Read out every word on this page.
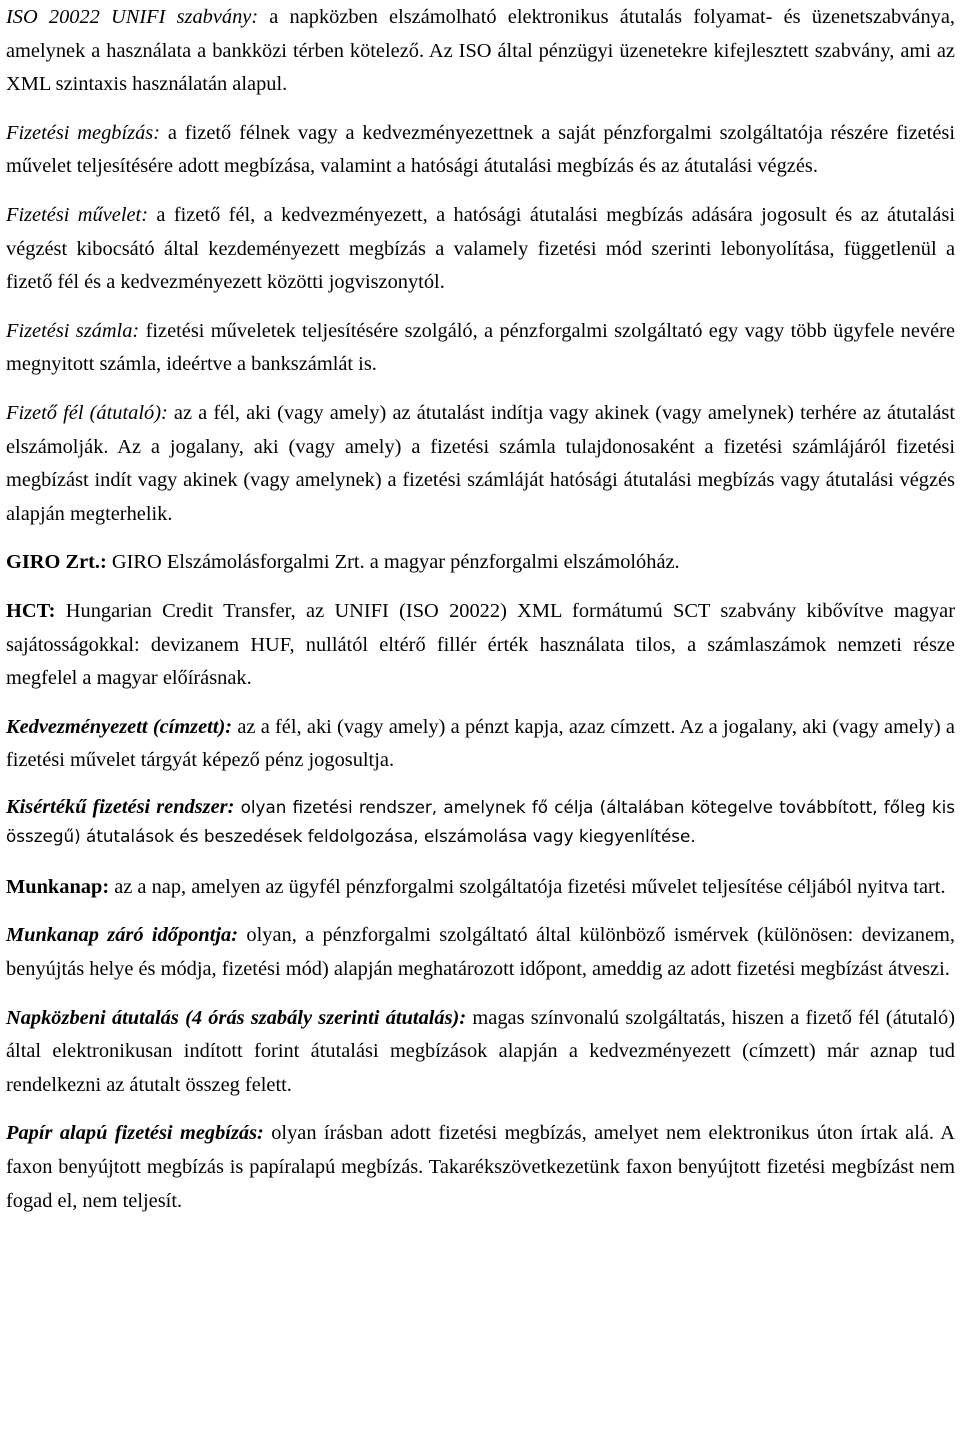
ISO 20022 UNIFI szabvány: a napközben elszámolható elektronikus átutalás folyamat- és üzenetszabványa, amelynek a használata a bankközi térben kötelező. Az ISO által pénzügyi üzenetekre kifejlesztett szabvány, ami az XML szintaxis használatán alapul.

Fizetési megbízás: a fizető félnek vagy a kedvezményezettnek a saját pénzforgalmi szolgáltatója részére fizetési művelet teljesítésére adott megbízása, valamint a hatósági átutalási megbízás és az átutalási végzés.

Fizetési művelet: a fizető fél, a kedvezményezett, a hatósági átutalási megbízás adására jogosult és az átutalási végzést kibocsátó által kezdeményezett megbízás a valamely fizetési mód szerinti lebonyolítása, függetlenül a fizető fél és a kedvezményezett közötti jogviszonytól.

Fizetési számla: fizetési műveletek teljesítésére szolgáló, a pénzforgalmi szolgáltató egy vagy több ügyfele nevére megnyitott számla, ideértve a bankszámlát is.

Fizető fél (átutaló): az a fél, aki (vagy amely) az átutalást indítja vagy akinek (vagy amelynek) terhére az átutalást elszámolják. Az a jogalany, aki (vagy amely) a fizetési számla tulajdonosaként a fizetési számlájáról fizetési megbízást indít vagy akinek (vagy amelynek) a fizetési számláját hatósági átutalási megbízás vagy átutalási végzés alapján megterhelik.

GIRO Zrt.: GIRO Elszámolásforgalmi Zrt. a magyar pénzforgalmi elszámolóház.

HCT: Hungarian Credit Transfer, az UNIFI (ISO 20022) XML formátumú SCT szabvány kibővítve magyar sajátosságokkal: devizanem HUF, nullától eltérő fillér érték használata tilos, a számlaszámok nemzeti része megfelel a magyar előírásnak.

Kedvezményezett (címzett): az a fél, aki (vagy amely) a pénzt kapja, azaz címzett. Az a jogalany, aki (vagy amely) a fizetési művelet tárgyát képező pénz jogosultja.

Kisértékű fizetési rendszer: olyan fizetési rendszer, amelynek fő célja (általában kötegelve továbbított, főleg kis összegű) átutalások és beszedések feldolgozása, elszámolása vagy kiegyenlítése.

Munkanap: az a nap, amelyen az ügyfél pénzforgalmi szolgáltatója fizetési művelet teljesítése céljából nyitva tart.

Munkanap záró időpontja: olyan, a pénzforgalmi szolgáltató által különböző ismérvek (különösen: devizanem, benyújtás helye és módja, fizetési mód) alapján meghatározott időpont, ameddig az adott fizetési megbízást átveszi.

Napközbeni átutalás (4 órás szabály szerinti átutalás): magas színvonalú szolgáltatás, hiszen a fizető fél (átutaló) által elektronikusan indított forint átutalási megbízások alapján a kedvezményezett (címzett) már aznap tud rendelkezni az átutalt összeg felett.

Papír alapú fizetési megbízás: olyan írásban adott fizetési megbízás, amelyet nem elektronikus úton írtak alá. A faxon benyújtott megbízás is papíralapú megbízás. Takarékszövetkezetünk faxon benyújtott fizetési megbízást nem fogad el, nem teljesít.
